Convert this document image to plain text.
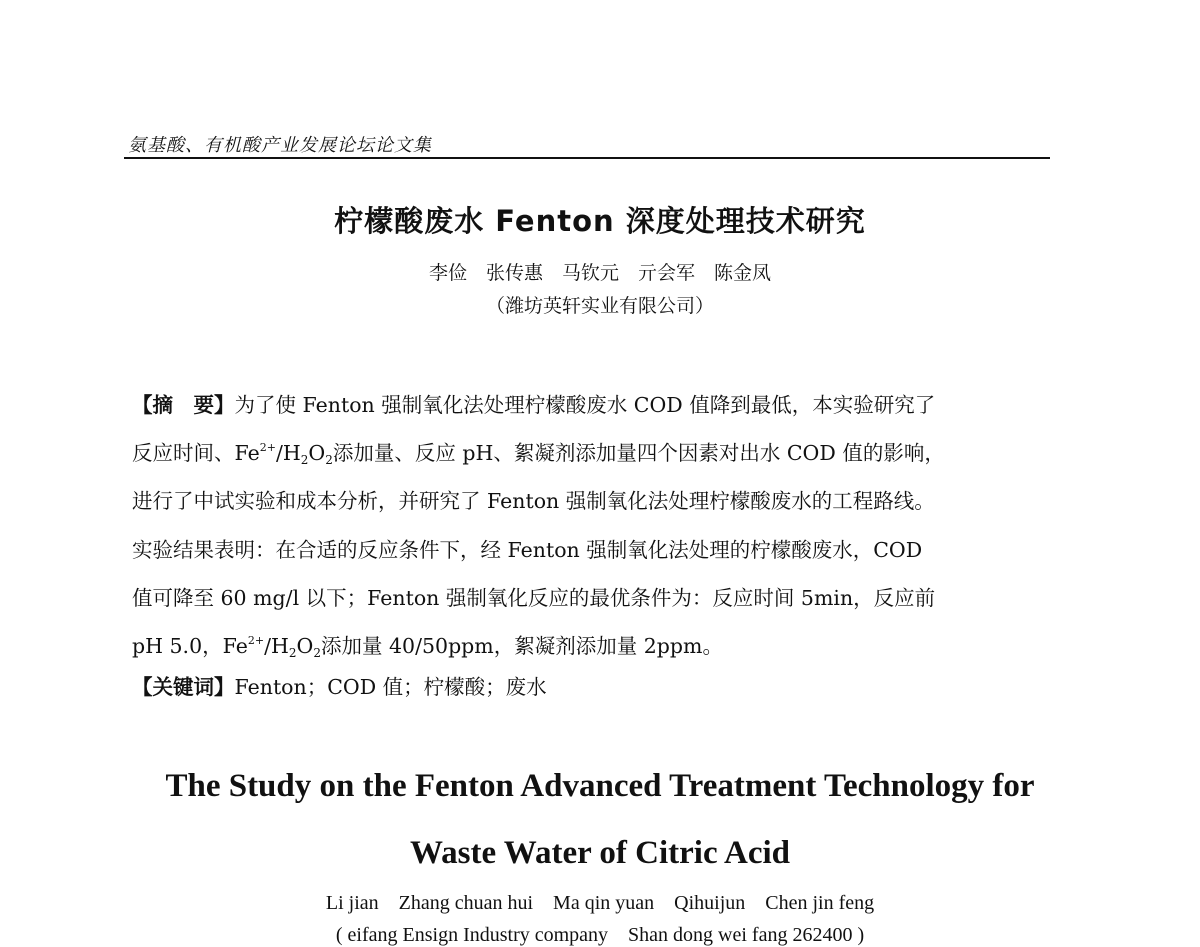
氨基酸、有机酸产业发展论坛论文集
柠檬酸废水 Fenton 深度处理技术研究
李俭　张传惠　马钦元　亓会军　陈金凤
（潍坊英轩实业有限公司）
【摘　要】为了使 Fenton 强制氧化法处理柠檬酸废水 COD 值降到最低，本实验研究了
反应时间、$Fe^{2+}/H_2O_2$添加量、反应 pH、絮凝剂添加量四个因素对出水 COD 值的影响，
进行了中试实验和成本分析，并研究了 Fenton 强制氧化法处理柠檬酸废水的工程路线。
实验结果表明：在合适的反应条件下，经 Fenton 强制氧化法处理的柠檬酸废水，COD
值可降至 60 mg/l 以下；Fenton 强制氧化反应的最优条件为：反应时间 5min，反应前
pH 5.0，$Fe^{2+}/H_2O_2$添加量 40/50ppm，絮凝剂添加量 2ppm。
【关键词】Fenton；COD 值；柠檬酸；废水
The Study on the Fenton Advanced Treatment Technology for
Waste Water of Citric Acid
Li jian    Zhang chuan hui    Ma qin yuan    Qihuijun    Chen jin feng
( eifang Ensign Industry company    Shan dong wei fang 262400 )
